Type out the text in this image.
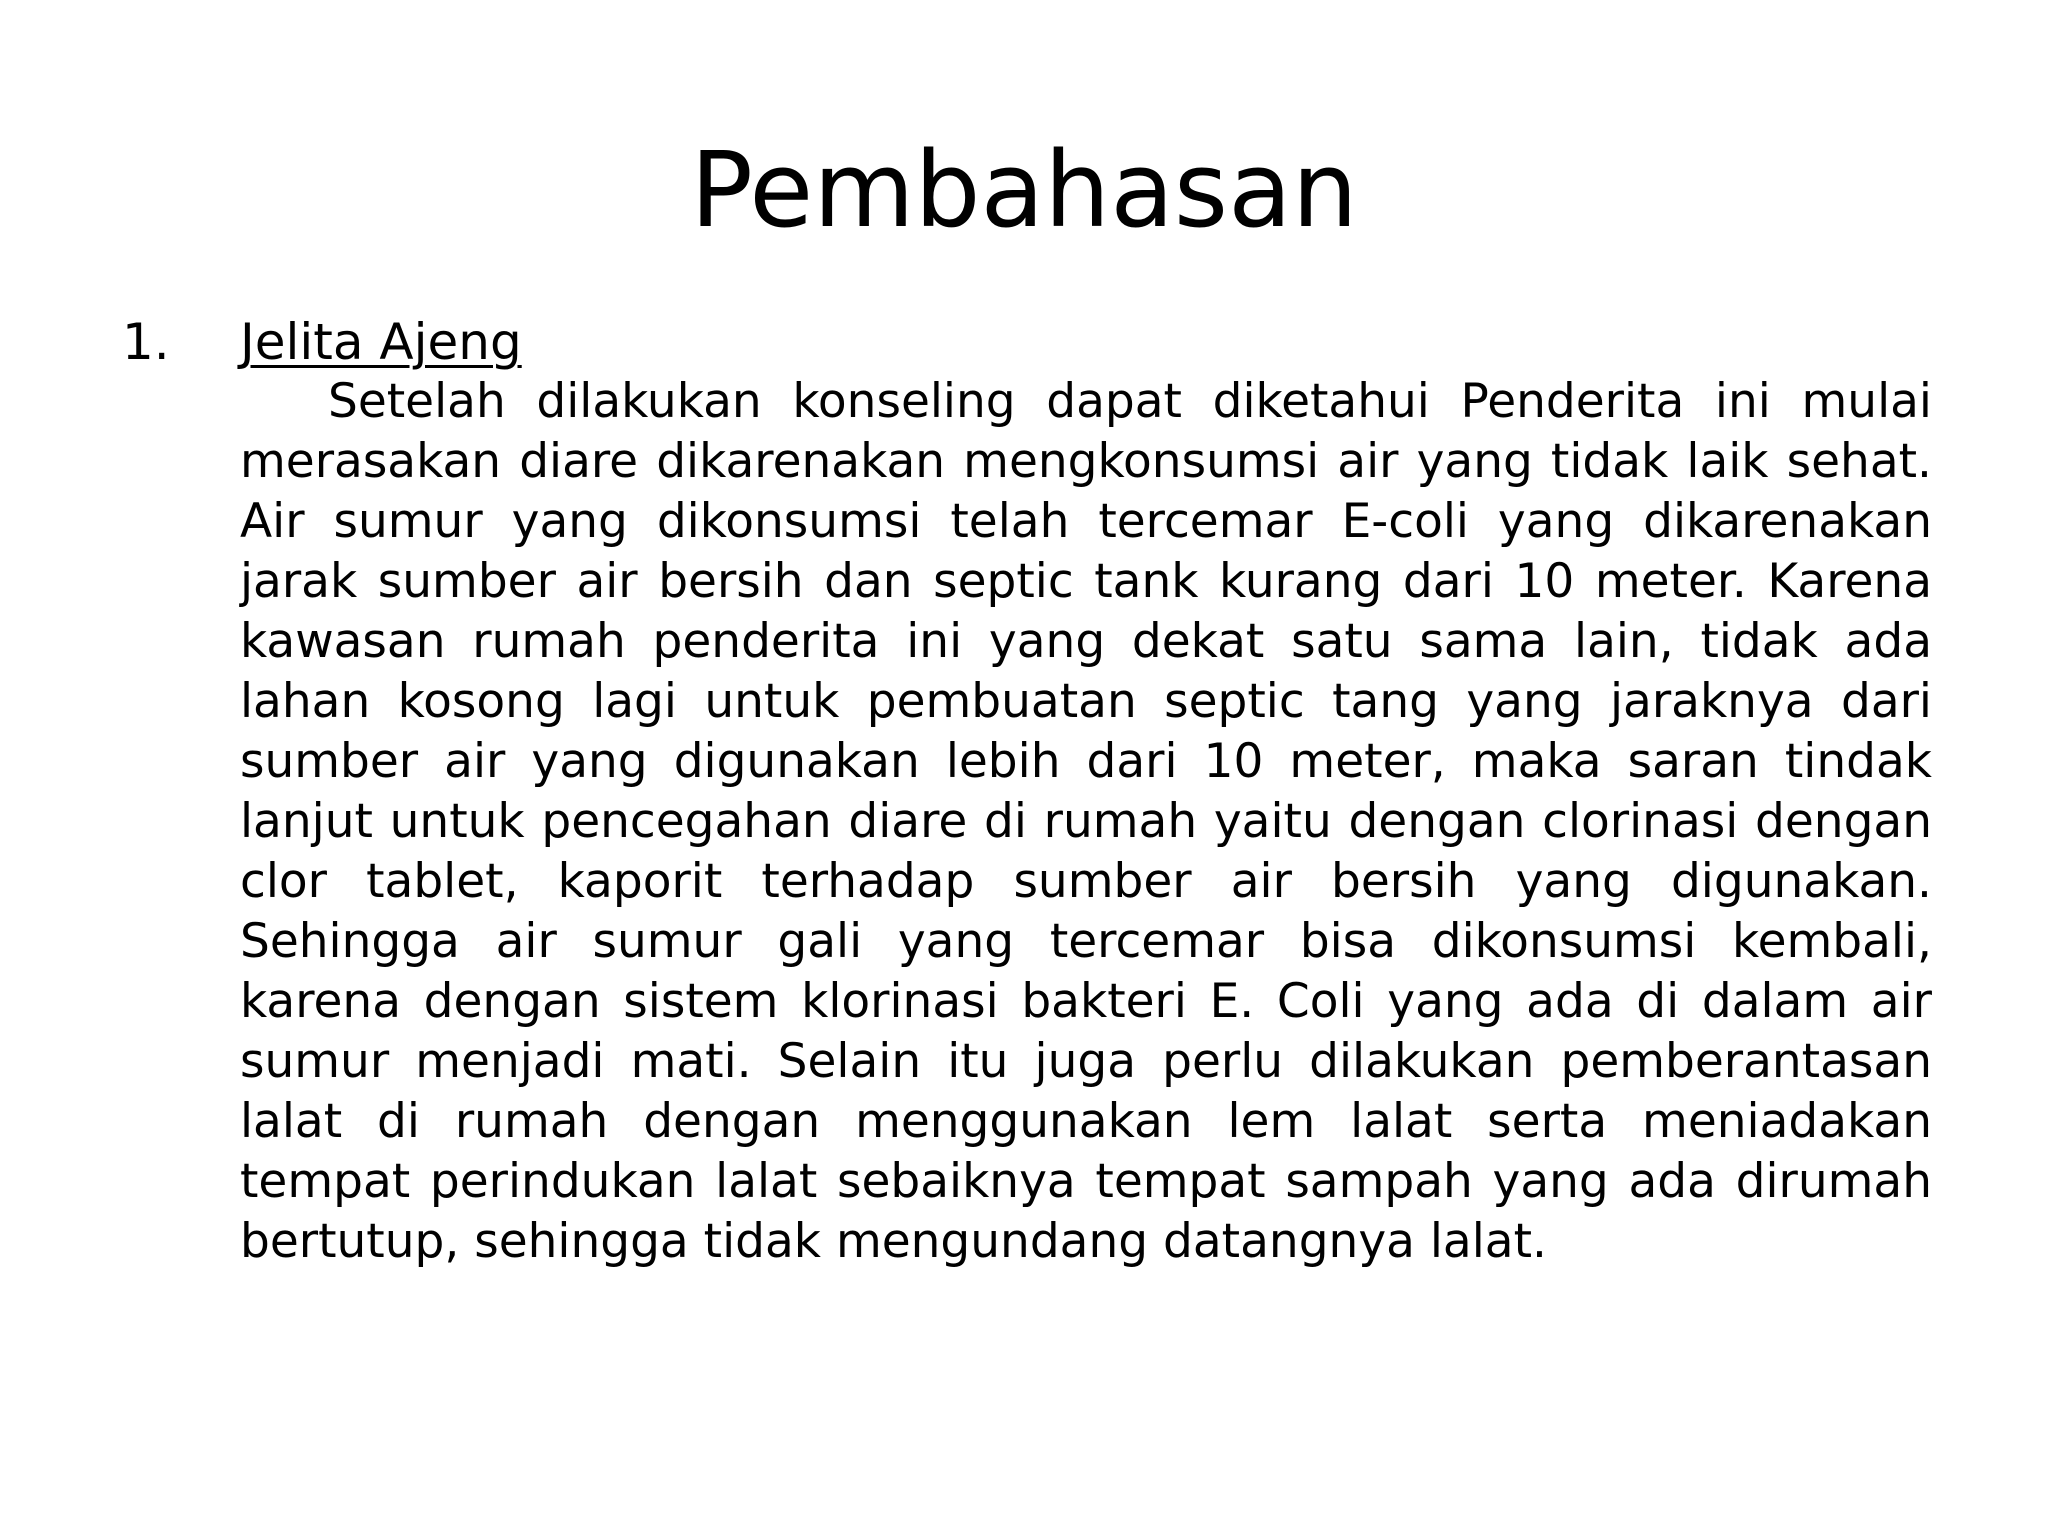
Pembahasan
1. Jelita Ajeng

Setelah dilakukan konseling dapat diketahui Penderita ini mulai merasakan diare dikarenakan mengkonsumsi air yang tidak laik sehat. Air sumur yang dikonsumsi telah tercemar E-coli yang dikarenakan jarak sumber air bersih dan septic tank kurang dari 10 meter. Karena kawasan rumah penderita ini yang dekat satu sama lain, tidak ada lahan kosong lagi untuk pembuatan septic tang yang jaraknya dari sumber air yang digunakan lebih dari 10 meter, maka saran tindak lanjut untuk pencegahan diare di rumah yaitu dengan clorinasi dengan clor tablet, kaporit terhadap sumber air bersih yang digunakan. Sehingga air sumur gali yang tercemar bisa dikonsumsi kembali, karena dengan sistem klorinasi bakteri E. Coli yang ada di dalam air sumur menjadi mati. Selain itu juga perlu dilakukan pemberantasan lalat di rumah dengan menggunakan lem lalat serta meniadakan tempat perindukan lalat sebaiknya tempat sampah yang ada dirumah bertutup, sehingga tidak mengundang datangnya lalat.
